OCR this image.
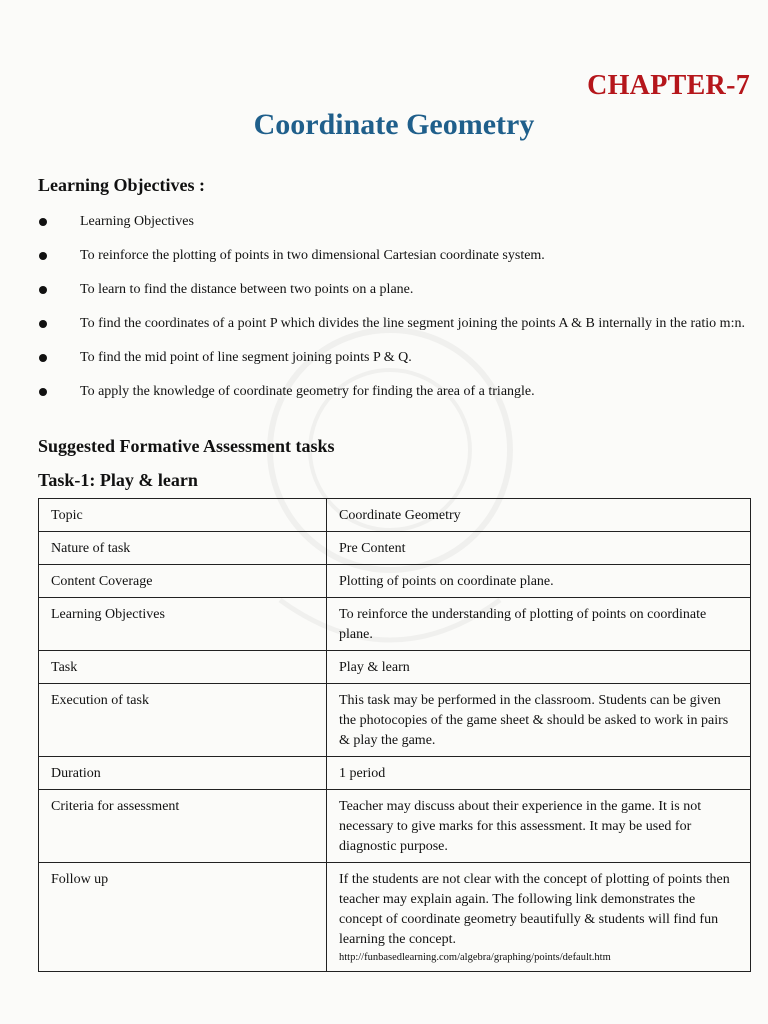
CHAPTER-7
Coordinate Geometry
Learning Objectives :
Learning Objectives
To reinforce the plotting of points in two dimensional Cartesian coordinate system.
To learn to find the distance between two points on a plane.
To find the coordinates of a point P which divides the line segment joining the points A & B internally in the ratio m:n.
To find the mid point of line segment joining points P & Q.
To apply the knowledge of coordinate geometry for finding the area of a triangle.
Suggested Formative Assessment tasks
Task-1: Play & learn
Topic	Coordinate Geometry
Nature of task	Pre Content
Content Coverage	Plotting of points on coordinate plane.
Learning Objectives	To reinforce the understanding of plotting of points on coordinate plane.
Task	Play & learn
Execution of task	This task may be performed in the classroom. Students can be given the photocopies of the game sheet & should be asked to work in pairs & play the game.
Duration	1 period
Criteria for assessment	Teacher may discuss about their experience in the game. It is not necessary to give marks for this assessment. It may be used for diagnostic purpose.
Follow up	If the students are not clear with the concept of plotting of points then teacher may explain again. The following link demonstrates the concept of coordinate geometry beautifully & students will find fun learning the concept.
http://funbasedlearning.com/algebra/graphing/points/default.htm
